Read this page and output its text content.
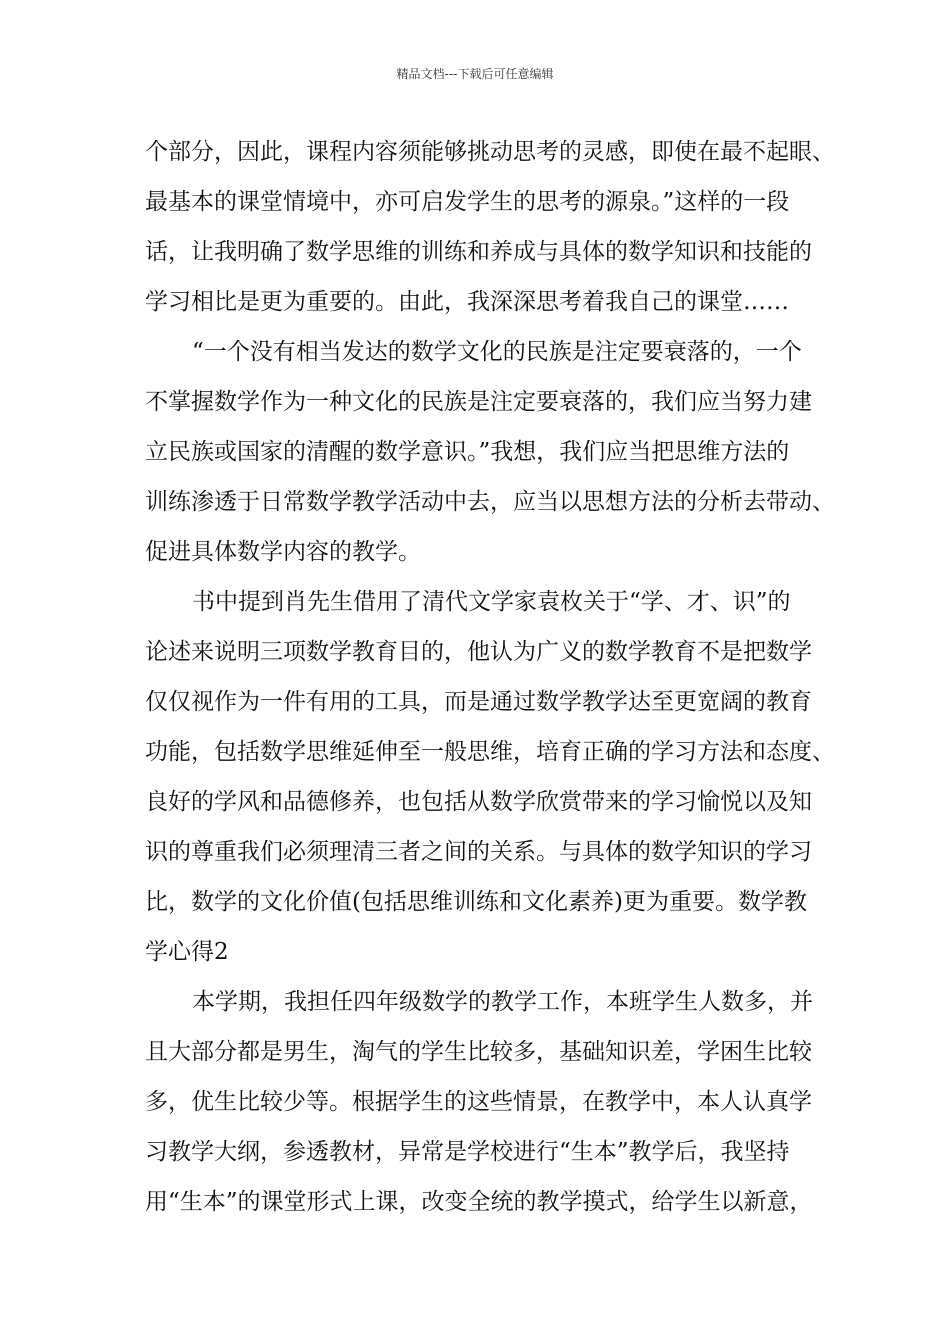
精品文档---下载后可任意编辑
个部分，因此，课程内容须能够挑动思考的灵感，即使在最不起眼、
最基本的课堂情境中，亦可启发学生的思考的源泉。”这样的一段
话，让我明确了数学思维的训练和养成与具体的数学知识和技能的
学习相比是更为重要的。由此，我深深思考着我自己的课堂……
“一个没有相当发达的数学文化的民族是注定要衰落的，一个
不掌握数学作为一种文化的民族是注定要衰落的，我们应当努力建
立民族或国家的清醒的数学意识。”我想，我们应当把思维方法的
训练渗透于日常数学教学活动中去，应当以思想方法的分析去带动、
促进具体数学内容的教学。
书中提到肖先生借用了清代文学家袁枚关于“学、才、识”的
论述来说明三项数学教育目的，他认为广义的数学教育不是把数学
仅仅视作为一件有用的工具，而是通过数学教学达至更宽阔的教育
功能，包括数学思维延伸至一般思维，培育正确的学习方法和态度、
良好的学风和品德修养，也包括从数学欣赏带来的学习愉悦以及知
识的尊重我们必须理清三者之间的关系。与具体的数学知识的学习
比，数学的文化价值(包括思维训练和文化素养)更为重要。数学教
学心得2
本学期，我担任四年级数学的教学工作，本班学生人数多，并
且大部分都是男生，淘气的学生比较多，基础知识差，学困生比较
多，优生比较少等。根据学生的这些情景，在教学中，本人认真学
习教学大纲，参透教材，异常是学校进行“生本”教学后，我坚持
用“生本”的课堂形式上课，改变全统的教学摸式，给学生以新意，
